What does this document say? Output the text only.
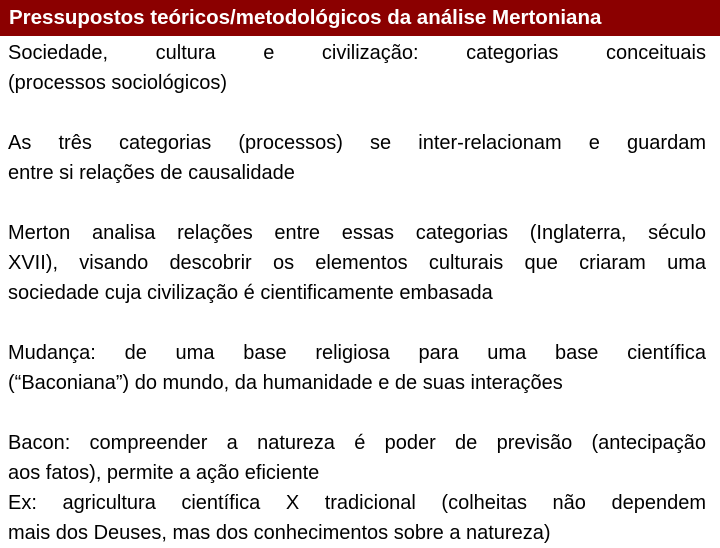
Pressupostos teóricos/metodológicos da análise Mertoniana
Sociedade, cultura e civilização: categorias conceituais
(processos sociológicos)
As três categorias (processos) se inter-relacionam e guardam
entre si relações de causalidade
Merton analisa relações entre essas categorias (Inglaterra, século
XVII), visando descobrir os elementos culturais que criaram uma
sociedade cuja civilização é cientificamente embasada
Mudança: de uma base religiosa para uma base científica
(“Baconiana”) do mundo, da humanidade e de suas interações
Bacon: compreender a natureza é poder de previsão (antecipação
aos fatos), permite a ação eficiente
Ex: agricultura científica X tradicional (colheitas não dependem
mais dos Deuses, mas dos conhecimentos sobre a natureza)
